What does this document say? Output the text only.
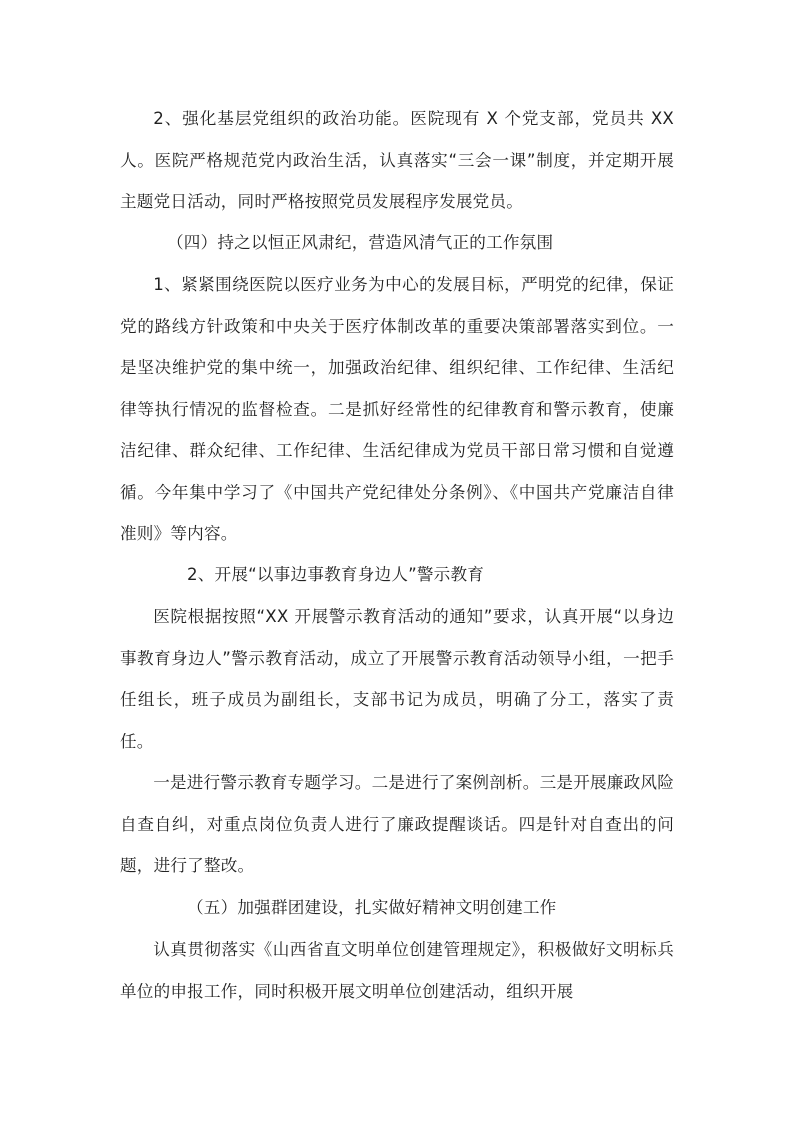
2、强化基层党组织的政治功能。医院现有 X 个党支部，党员共 XX 人。医院严格规范党内政治生活，认真落实“三会一课”制度，并定期开展主题党日活动，同时严格按照党员发展程序发展党员。

（四）持之以恒正风肃纪，营造风清气正的工作氛围

1、紧紧围绕医院以医疗业务为中心的发展目标，严明党的纪律，保证党的路线方针政策和中央关于医疗体制改革的重要决策部署落实到位。一是坚决维护党的集中统一，加强政治纪律、组织纪律、工作纪律、生活纪律等执行情况的监督检查。二是抓好经常性的纪律教育和警示教育，使廉洁纪律、群众纪律、工作纪律、生活纪律成为党员干部日常习惯和自觉遵循。今年集中学习了《中国共产党纪律处分条例》、《中国共产党廉洁自律准则》等内容。

2、开展“以事边事教育身边人”警示教育

医院根据按照“XX 开展警示教育活动的通知”要求，认真开展“以身边事教育身边人”警示教育活动，成立了开展警示教育活动领导小组，一把手任组长，班子成员为副组长，支部书记为成员，明确了分工，落实了责任。

一是进行警示教育专题学习。二是进行了案例剖析。三是开展廉政风险自查自纠，对重点岗位负责人进行了廉政提醒谈话。四是针对自查出的问题，进行了整改。

（五）加强群团建设，扎实做好精神文明创建工作

认真贯彻落实《山西省直文明单位创建管理规定》，积极做好文明标兵单位的申报工作，同时积极开展文明单位创建活动，组织开展
